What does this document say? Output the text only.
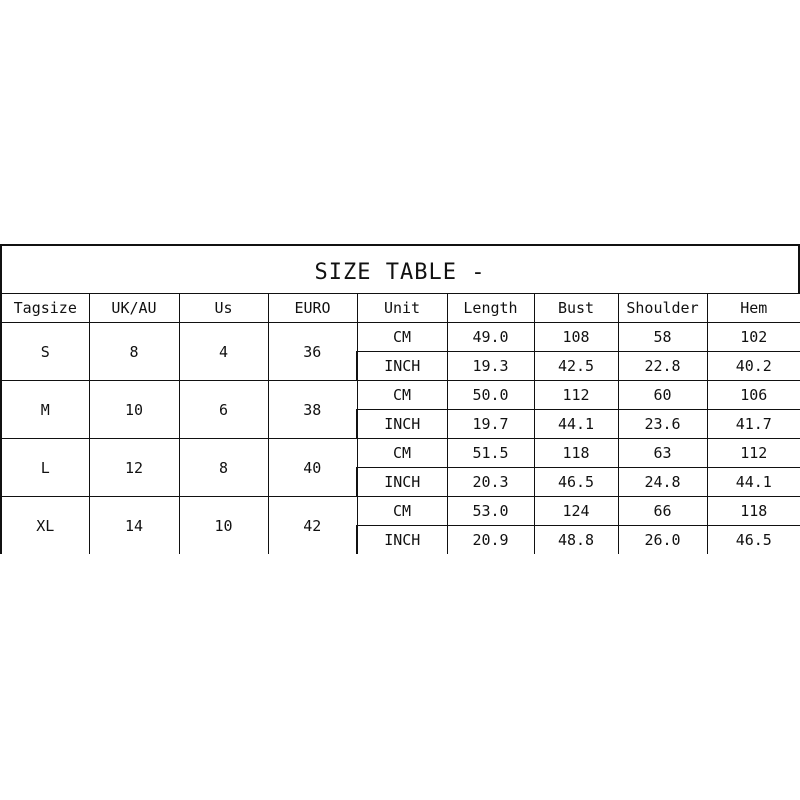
SIZE TABLE -
Tagsize	UK/AU	Us	EURO	Unit	Length	Bust	Shoulder	Hem
S	8	4	36	CM	49.0	108	58	102
				INCH	19.3	42.5	22.8	40.2
M	10	6	38	CM	50.0	112	60	106
				INCH	19.7	44.1	23.6	41.7
L	12	8	40	CM	51.5	118	63	112
				INCH	20.3	46.5	24.8	44.1
XL	14	10	42	CM	53.0	124	66	118
				INCH	20.9	48.8	26.0	46.5
